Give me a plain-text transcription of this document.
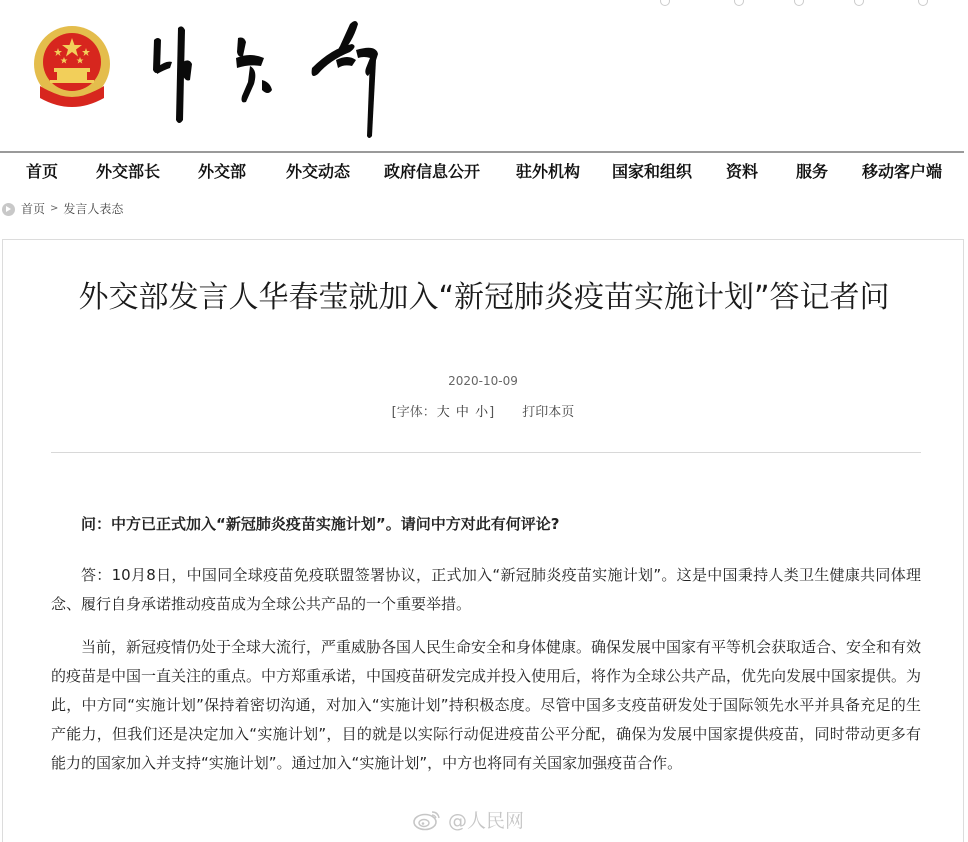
首页 外交部长 外交部 外交动态 政府信息公开 驻外机构 国家和组织 资料 服务 移动客户端
首页 > 发言人表态
外交部发言人华春莹就加入“新冠肺炎疫苗实施计划”答记者问
2020-10-09
[字体：大 中 小] 打印本页

问：中方已正式加入“新冠肺炎疫苗实施计划”。请问中方对此有何评论?

答：10月8日，中国同全球疫苗免疫联盟签署协议，正式加入“新冠肺炎疫苗实施计划”。这是中国秉持人类卫生健康共同体理念、履行自身承诺推动疫苗成为全球公共产品的一个重要举措。

当前，新冠疫情仍处于全球大流行，严重威胁各国人民生命安全和身体健康。确保发展中国家有平等机会获取适合、安全和有效的疫苗是中国一直关注的重点。中方郑重承诺，中国疫苗研发完成并投入使用后，将作为全球公共产品，优先向发展中国家提供。为此，中方同“实施计划”保持着密切沟通，对加入“实施计划”持积极态度。尽管中国多支疫苗研发处于国际领先水平并具备充足的生产能力，但我们还是决定加入“实施计划”，目的就是以实际行动促进疫苗公平分配，确保为发展中国家提供疫苗，同时带动更多有能力的国家加入并支持“实施计划”。通过加入“实施计划”，中方也将同有关国家加强疫苗合作。

@人民网
